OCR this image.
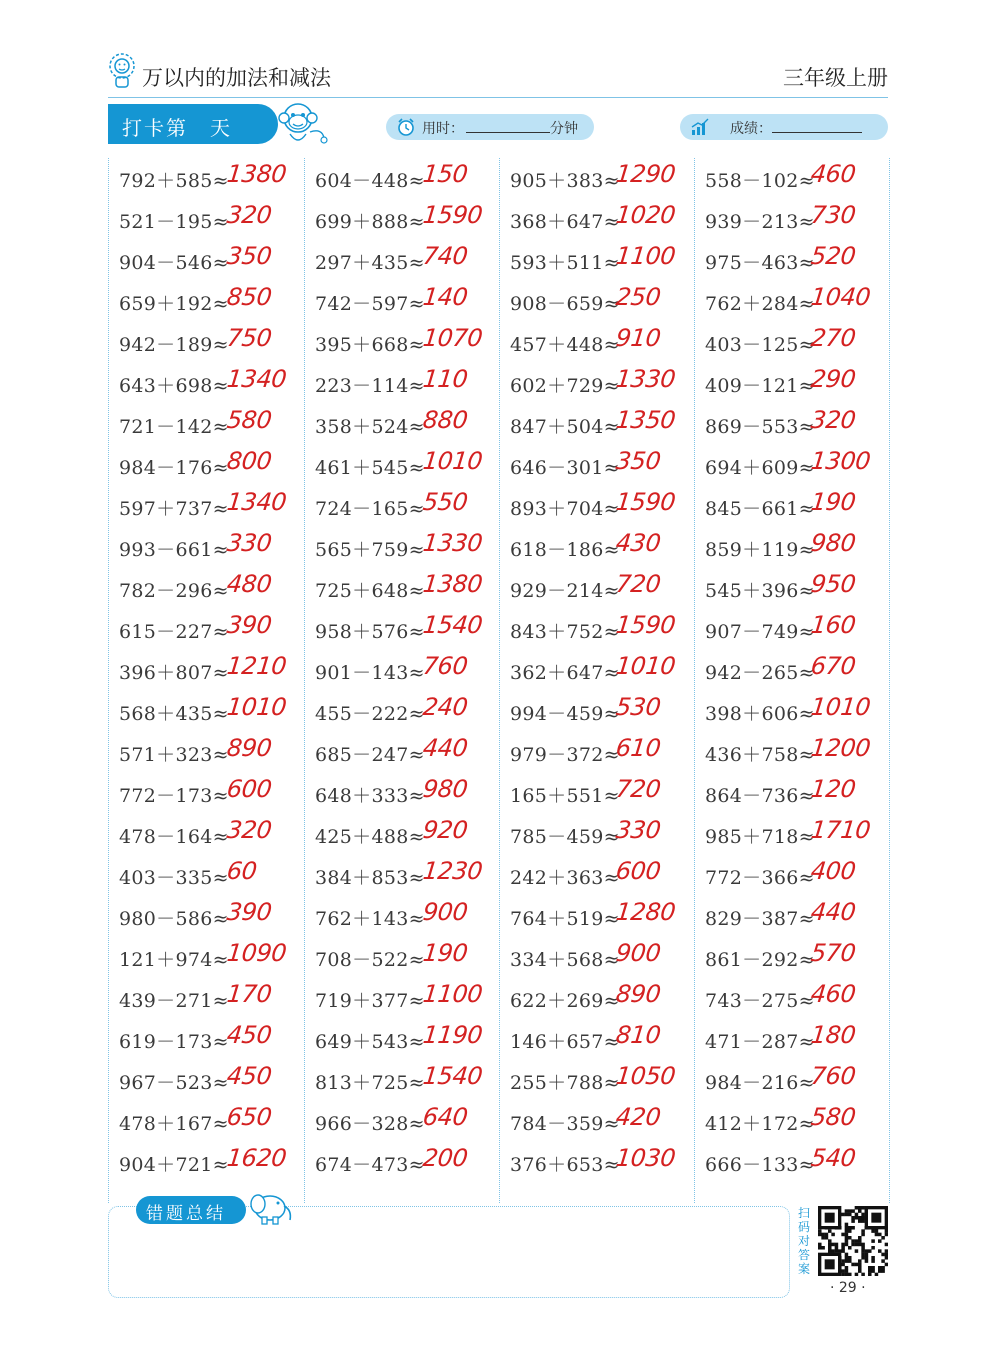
万以内的加法和减法	三年级上册
打卡第　天	用时：	分钟	成绩：
792＋585≈
1380
521－195≈
320
904－546≈
350
659＋192≈
850
942－189≈
750
643＋698≈
1340
721－142≈
580
984－176≈
800
597＋737≈
1340
993－661≈
330
782－296≈
480
615－227≈
390
396＋807≈
1210
568＋435≈
1010
571＋323≈
890
772－173≈
600
478－164≈
320
403－335≈
60
980－586≈
390
121＋974≈
1090
439－271≈
170
619－173≈
450
967－523≈
450
478＋167≈
650
904＋721≈
1620
604－448≈
150
699＋888≈
1590
297＋435≈
740
742－597≈
140
395＋668≈
1070
223－114≈
110
358＋524≈
880
461＋545≈
1010
724－165≈
550
565＋759≈
1330
725＋648≈
1380
958＋576≈
1540
901－143≈
760
455－222≈
240
685－247≈
440
648＋333≈
980
425＋488≈
920
384＋853≈
1230
762＋143≈
900
708－522≈
190
719＋377≈
1100
649＋543≈
1190
813＋725≈
1540
966－328≈
640
674－473≈
200
905＋383≈
1290
368＋647≈
1020
593＋511≈
1100
908－659≈
250
457＋448≈
910
602＋729≈
1330
847＋504≈
1350
646－301≈
350
893＋704≈
1590
618－186≈
430
929－214≈
720
843＋752≈
1590
362＋647≈
1010
994－459≈
530
979－372≈
610
165＋551≈
720
785－459≈
330
242＋363≈
600
764＋519≈
1280
334＋568≈
900
622＋269≈
890
146＋657≈
810
255＋788≈
1050
784－359≈
420
376＋653≈
1030
558－102≈
460
939－213≈
730
975－463≈
520
762＋284≈
1040
403－125≈
270
409－121≈
290
869－553≈
320
694＋609≈
1300
845－661≈
190
859＋119≈
980
545＋396≈
950
907－749≈
160
942－265≈
670
398＋606≈
1010
436＋758≈
1200
864－736≈
120
985＋718≈
1710
772－366≈
400
829－387≈
440
861－292≈
570
743－275≈
460
471－287≈
180
984－216≈
760
412＋172≈
580
666－133≈
540
错题总结	扫码对答案
· 29 ·
